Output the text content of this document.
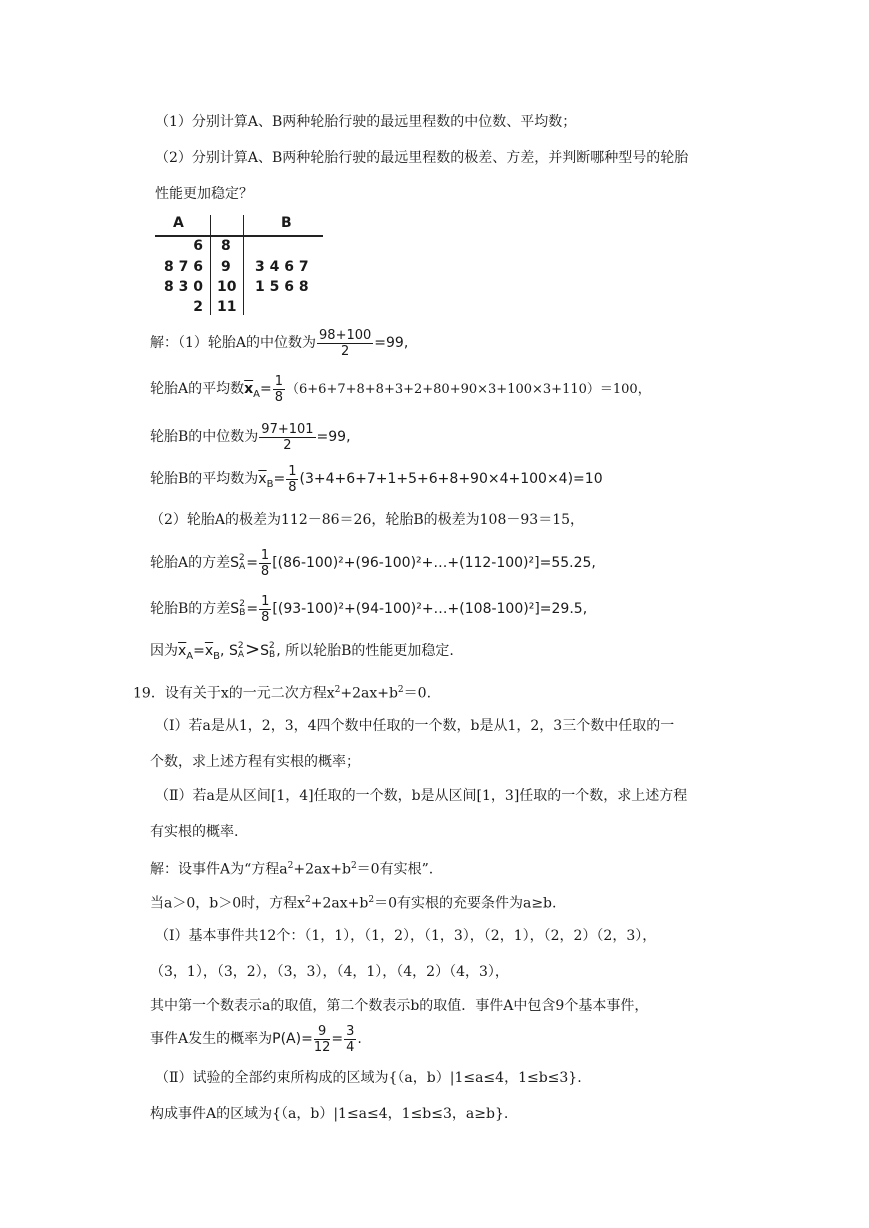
（1）分别计算A、B两种轮胎行驶的最远里程数的中位数、平均数；
（2）分别计算A、B两种轮胎行驶的最远里程数的极差、方差，并判断哪种型号的轮胎
性能更加稳定？
A	B
6 8
8 7 6 9 3 4 6 7
8 3 0 10 1 5 6 8
2 11
解：（1）轮胎A的中位数为 $\frac{98+100}{2} =99$,
轮胎A的平均数$\overline{x}_A= \frac{1}{8} (6+6+7+8+8+3+2+80+90\times 3+100\times 3+110)=100$，
轮胎B的中位数为 $\frac{97+101}{2} =99$,
轮胎B的平均数为$\overline{x}_B= \frac{1}{8} (3+4+6+7+1+5+6+8+90\times 4+100\times 4)=10$
（2）轮胎A的极差为112－86＝26，轮胎B的极差为108－93＝15，
轮胎A的方差S 2
$A = \frac{1}{8}$ [(86-100)²+(96-100)²+…+(112-100)²]=55.25,
轮胎B的方差S 2
$B = \frac{1}{8}$ [(93-100)²+(94-100)²+…+(108-100)²]=29.5,
因为$\overline{x}_A=\overline{x}_B$, S 2
A >S 2
B , 所以轮胎B的性能更加稳定.
19．设有关于x的一元二次方程$x^2+2ax+b^2=0$.
（Ⅰ）若a是从1，2，3，4四个数中任取的一个数，b是从1，2，3三个数中任取的一
个数，求上述方程有实根的概率；
（Ⅱ）若a是从区间[1，4]任取的一个数，b是从区间[1，3]任取的一个数，求上述方程
有实根的概率.
解：设事件A为“方程$a^2+2ax+b^2=0$有实根”.
当a＞0，b＞0时，方程$x^2+2ax+b^2=0$有实根的充要条件为a≥b.
（Ⅰ）基本事件共12个：（1，1），（1，2），（1，3），（2，1），（2，2）（2，3），
（3，1），（3，2），（3，3），（4，1），（4，2）（4，3），
其中第一个数表示a的取值，第二个数表示b的取值．事件A中包含9个基本事件，
事件A发生的概率为$P(A)= \frac{9}{12} = \frac{3}{4}$ .
（Ⅱ）试验的全部约束所构成的区域为{（a，b）|1≤a≤4，1≤b≤3}.
构成事件A的区域为{（a，b）|1≤a≤4，1≤b≤3，a≥b}.
